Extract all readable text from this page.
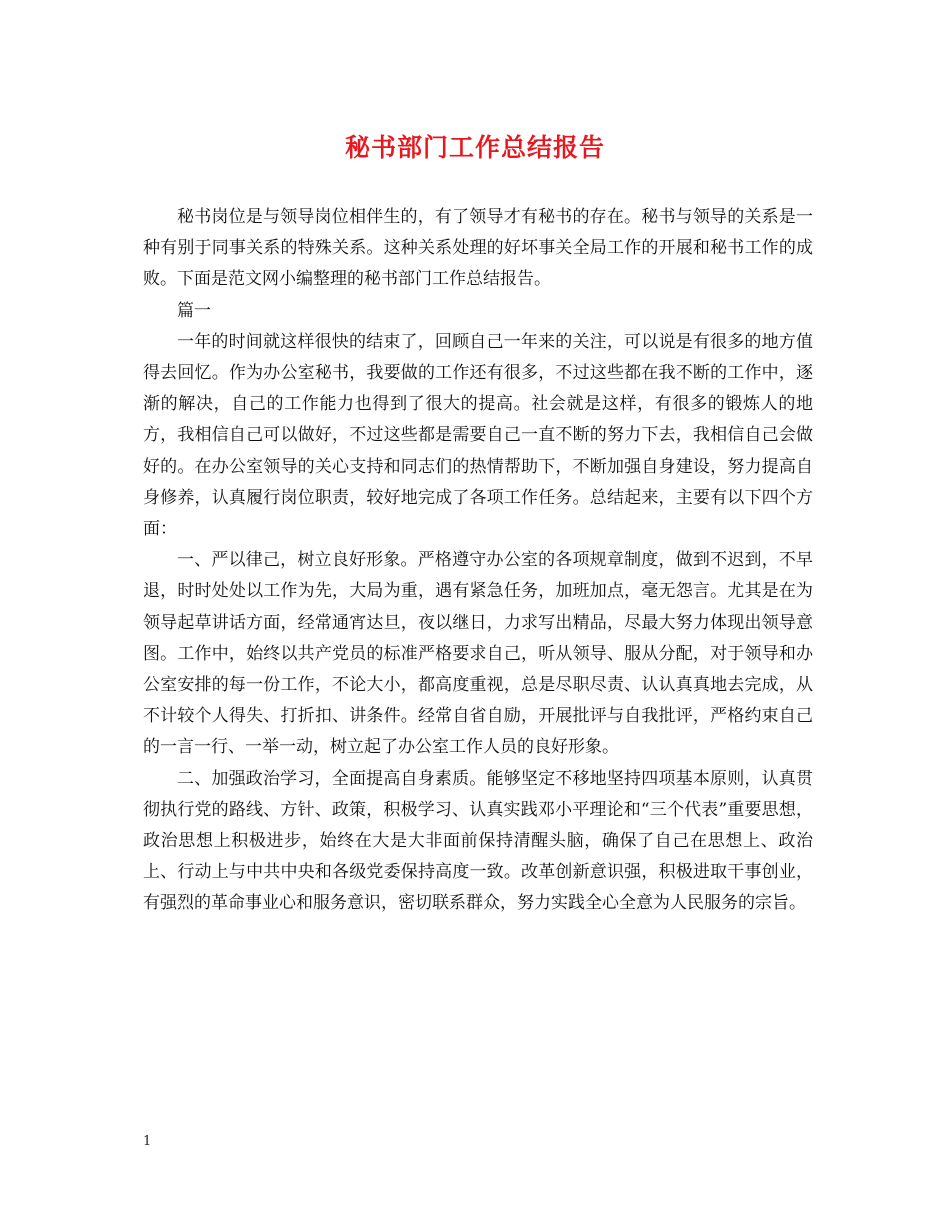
秘书部门工作总结报告

秘书岗位是与领导岗位相伴生的，有了领导才有秘书的存在。秘书与领导的关系是一种有别于同事关系的特殊关系。这种关系处理的好坏事关全局工作的开展和秘书工作的成败。下面是范文网小编整理的秘书部门工作总结报告。

篇一

一年的时间就这样很快的结束了，回顾自己一年来的关注，可以说是有很多的地方值得去回忆。作为办公室秘书，我要做的工作还有很多，不过这些都在我不断的工作中，逐渐的解决，自己的工作能力也得到了很大的提高。社会就是这样，有很多的锻炼人的地方，我相信自己可以做好，不过这些都是需要自己一直不断的努力下去，我相信自己会做好的。在办公室领导的关心支持和同志们的热情帮助下，不断加强自身建设，努力提高自身修养，认真履行岗位职责，较好地完成了各项工作任务。总结起来，主要有以下四个方面：

一、严以律己，树立良好形象。严格遵守办公室的各项规章制度，做到不迟到，不早退，时时处处以工作为先，大局为重，遇有紧急任务，加班加点，毫无怨言。尤其是在为领导起草讲话方面，经常通宵达旦，夜以继日，力求写出精品，尽最大努力体现出领导意图。工作中，始终以共产党员的标准严格要求自己，听从领导、服从分配，对于领导和办公室安排的每一份工作，不论大小，都高度重视，总是尽职尽责、认认真真地去完成，从不计较个人得失、打折扣、讲条件。经常自省自励，开展批评与自我批评，严格约束自己的一言一行、一举一动，树立起了办公室工作人员的良好形象。

二、加强政治学习，全面提高自身素质。能够坚定不移地坚持四项基本原则，认真贯彻执行党的路线、方针、政策，积极学习、认真实践邓小平理论和“三个代表”重要思想，政治思想上积极进步，始终在大是大非面前保持清醒头脑，确保了自己在思想上、政治上、行动上与中共中央和各级党委保持高度一致。改革创新意识强，积极进取干事创业，有强烈的革命事业心和服务意识，密切联系群众，努力实践全心全意为人民服务的宗旨。

1
